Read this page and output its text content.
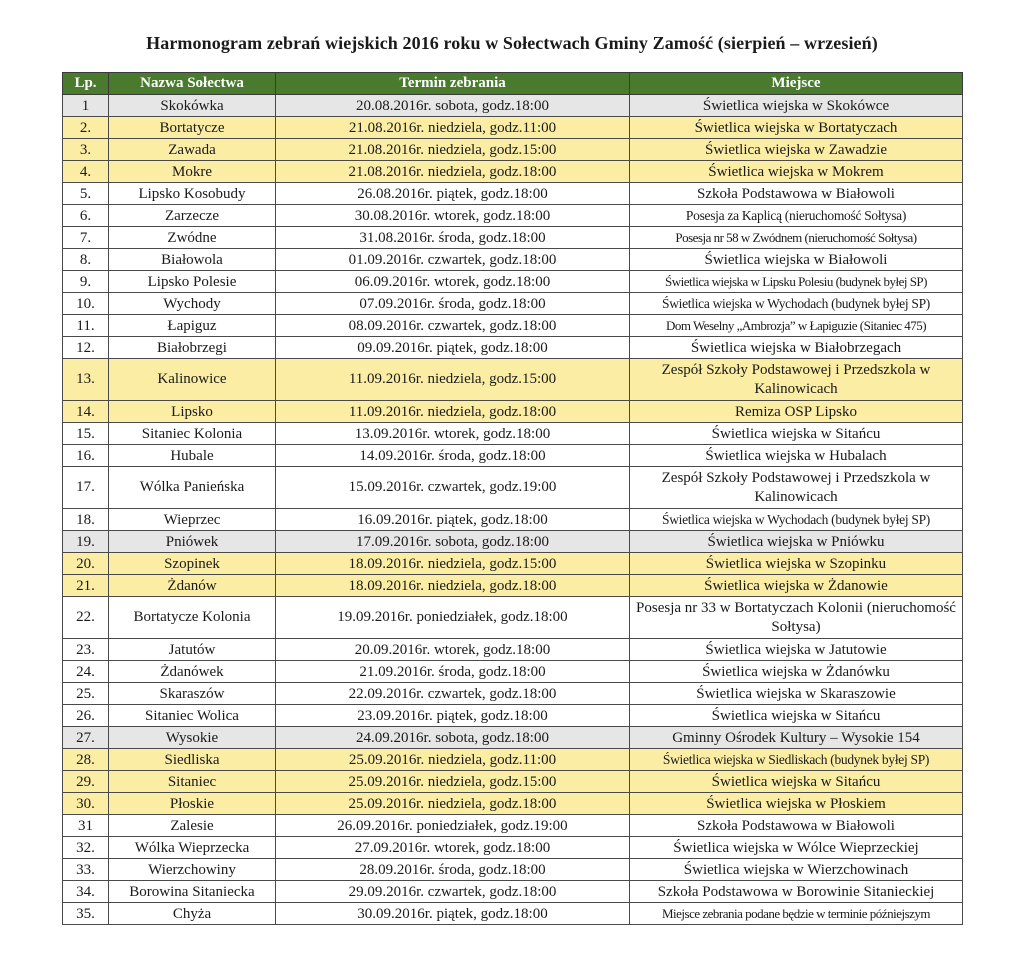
Harmonogram zebrań wiejskich 2016 roku w Sołectwach Gminy Zamość (sierpień – wrzesień)
Lp.	Nazwa Sołectwa	Termin zebrania	Miejsce
1	Skokówka	20.08.2016r. sobota, godz.18:00	Świetlica wiejska w Skokówce
2.	Bortatycze	21.08.2016r. niedziela, godz.11:00	Świetlica wiejska w Bortatyczach
3.	Zawada	21.08.2016r. niedziela, godz.15:00	Świetlica wiejska w Zawadzie
4.	Mokre	21.08.2016r. niedziela, godz.18:00	Świetlica wiejska w Mokrem
5.	Lipsko Kosobudy	26.08.2016r. piątek, godz.18:00	Szkoła Podstawowa w Białowoli
6.	Zarzecze	30.08.2016r. wtorek, godz.18:00	Posesja za Kaplicą (nieruchomość Sołtysa)
7.	Zwódne	31.08.2016r. środa, godz.18:00	Posesja nr 58 w Zwódnem (nieruchomość Sołtysa)
8.	Białowola	01.09.2016r. czwartek, godz.18:00	Świetlica wiejska w Białowoli
9.	Lipsko Polesie	06.09.2016r. wtorek, godz.18:00	Świetlica wiejska w Lipsku Polesiu (budynek byłej SP)
10.	Wychody	07.09.2016r. środa, godz.18:00	Świetlica wiejska w Wychodach (budynek byłej SP)
11.	Łapiguz	08.09.2016r. czwartek, godz.18:00	Dom Weselny „Ambrozja” w Łapiguzie (Sitaniec 475)
12.	Białobrzegi	09.09.2016r. piątek, godz.18:00	Świetlica wiejska w Białobrzegach
13.	Kalinowice	11.09.2016r. niedziela, godz.15:00	Zespół Szkoły Podstawowej i Przedszkola w Kalinowicach
14.	Lipsko	11.09.2016r. niedziela, godz.18:00	Remiza OSP Lipsko
15.	Sitaniec Kolonia	13.09.2016r. wtorek, godz.18:00	Świetlica wiejska w Sitańcu
16.	Hubale	14.09.2016r. środa, godz.18:00	Świetlica wiejska w Hubalach
17.	Wólka Panieńska	15.09.2016r. czwartek, godz.19:00	Zespół Szkoły Podstawowej i Przedszkola w Kalinowicach
18.	Wieprzec	16.09.2016r. piątek, godz.18:00	Świetlica wiejska w Wychodach (budynek byłej SP)
19.	Pniówek	17.09.2016r. sobota, godz.18:00	Świetlica wiejska w Pniówku
20.	Szopinek	18.09.2016r. niedziela, godz.15:00	Świetlica wiejska w Szopinku
21.	Żdanów	18.09.2016r. niedziela, godz.18:00	Świetlica wiejska w Żdanowie
22.	Bortatycze Kolonia	19.09.2016r. poniedziałek, godz.18:00	Posesja nr 33 w Bortatyczach Kolonii (nieruchomość Sołtysa)
23.	Jatutów	20.09.2016r. wtorek, godz.18:00	Świetlica wiejska w Jatutowie
24.	Żdanówek	21.09.2016r. środa, godz.18:00	Świetlica wiejska w Żdanówku
25.	Skaraszów	22.09.2016r. czwartek, godz.18:00	Świetlica wiejska w Skaraszowie
26.	Sitaniec Wolica	23.09.2016r. piątek, godz.18:00	Świetlica wiejska w Sitańcu
27.	Wysokie	24.09.2016r. sobota, godz.18:00	Gminny Ośrodek Kultury – Wysokie 154
28.	Siedliska	25.09.2016r. niedziela, godz.11:00	Świetlica wiejska w Siedliskach (budynek byłej SP)
29.	Sitaniec	25.09.2016r. niedziela, godz.15:00	Świetlica wiejska w Sitańcu
30.	Płoskie	25.09.2016r. niedziela, godz.18:00	Świetlica wiejska w Płoskiem
31	Zalesie	26.09.2016r. poniedziałek, godz.19:00	Szkoła Podstawowa w Białowoli
32.	Wólka Wieprzecka	27.09.2016r. wtorek, godz.18:00	Świetlica wiejska w Wólce Wieprzeckiej
33.	Wierzchowiny	28.09.2016r. środa, godz.18:00	Świetlica wiejska w Wierzchowinach
34.	Borowina Sitaniecka	29.09.2016r. czwartek, godz.18:00	Szkoła Podstawowa w Borowinie Sitanieckiej
35.	Chyża	30.09.2016r. piątek, godz.18:00	Miejsce zebrania podane będzie w terminie późniejszym
